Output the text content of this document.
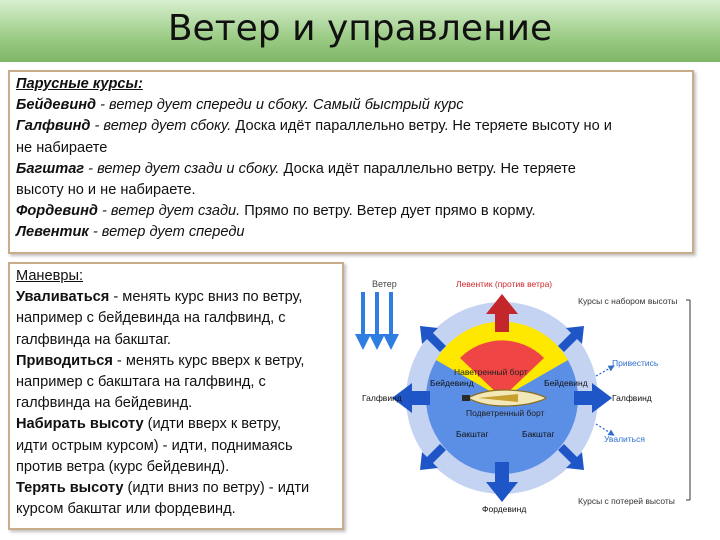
Ветер и управление
Парусные курсы:
Бейдевинд - ветер дует спереди и сбоку. Самый быстрый курс
Галфвинд - ветер дует сбоку. Доска идёт параллельно ветру. Не теряете высоту но и
не набираете
Багштаг - ветер дует сзади и сбоку. Доска идёт параллельно ветру. Не теряете
высоту но и не набираете.
Фордевинд - ветер дует сзади. Прямо по ветру. Ветер дует прямо в корму.
Левентик - ветер дует спереди
Маневры:
Уваливаться - менять курс вниз по ветру,
например с бейдевинда на галфвинд, с
галфвинда на бакштаг.
Приводиться - менять курс вверх к ветру,
например с бакштага на галфвинд, с
галфвинда на бейдевинд.
Набирать высоту (идти вверх к ветру,
идти острым курсом) - идти, поднимаясь
против ветра (курс бейдевинд).
Терять высоту (идти вниз по ветру) - идти
курсом бакштаг или фордевинд.
Ветер	Левентик (против ветра)
Курсы с набором высоты
Курсы с потерей высоты
Наветренный борт
Подветренный борт
Бейдевинд	Бейдевинд
Галфвинд	Галфвинд
Бакштаг	Бакштаг
Фордевинд
Привестись
Увалиться
